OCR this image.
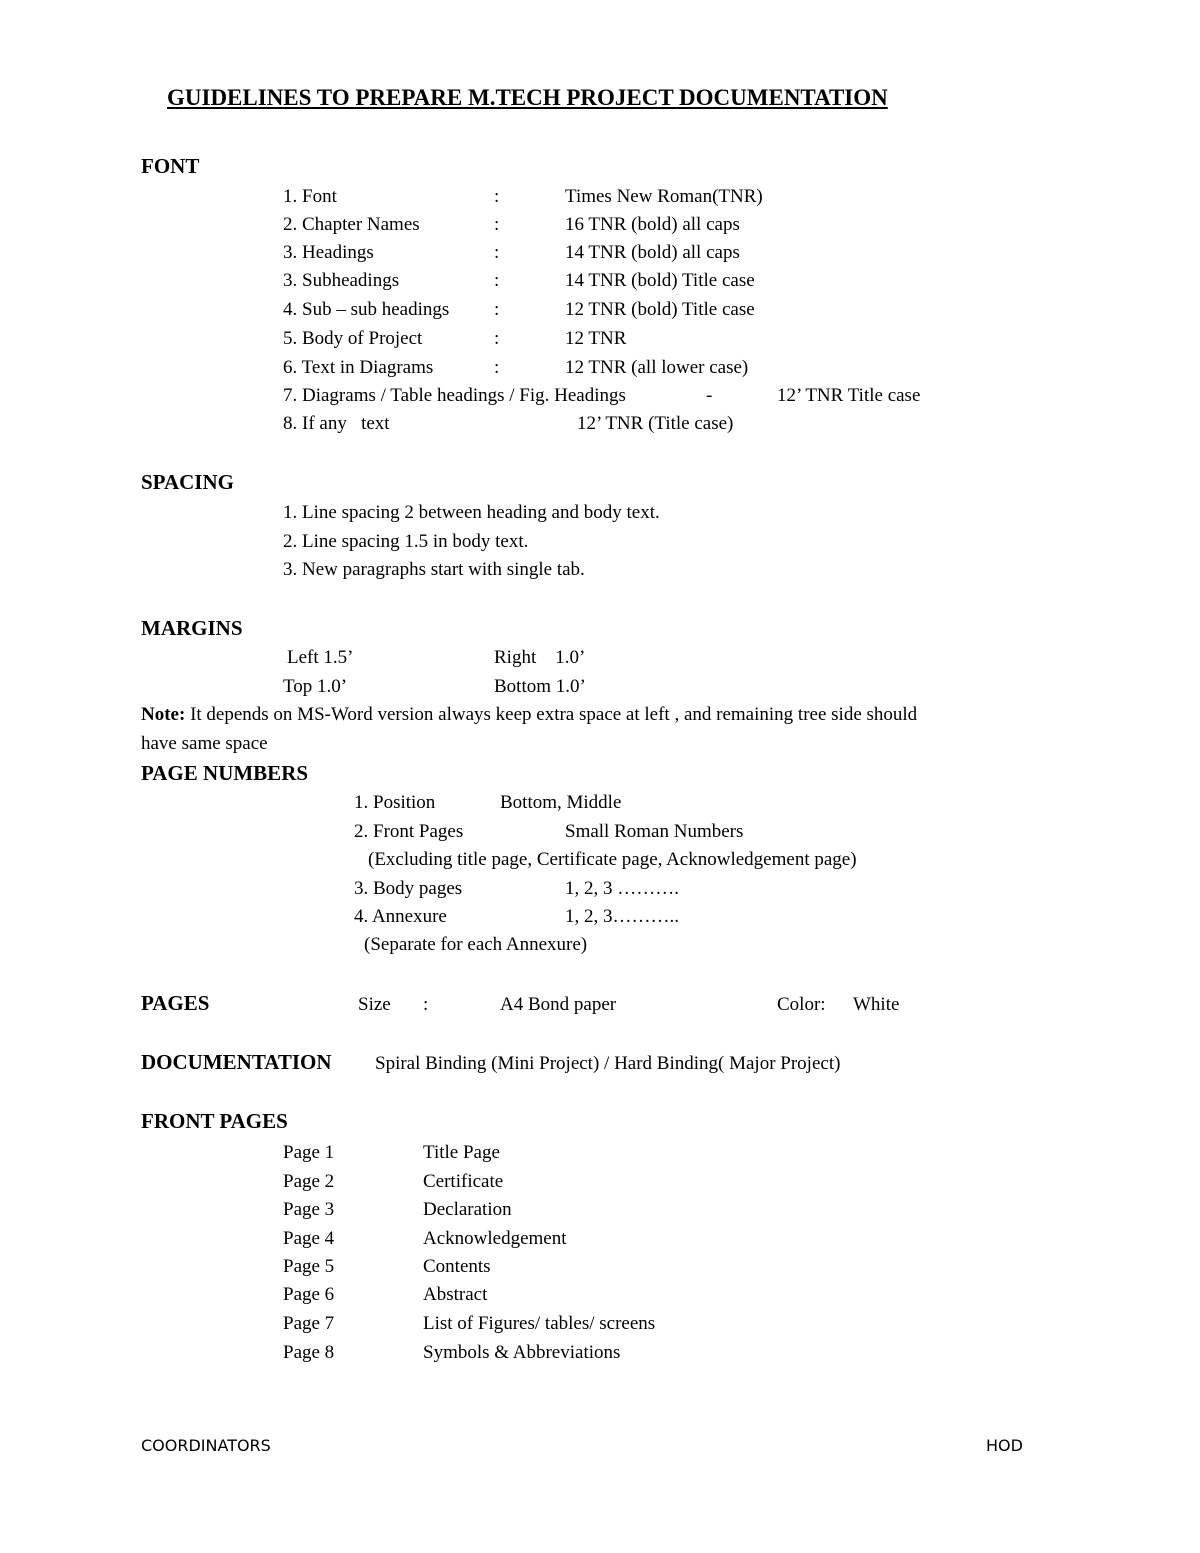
GUIDELINES TO PREPARE M.TECH PROJECT DOCUMENTATION
FONT
1. Font	:	Times New Roman(TNR)
2. Chapter Names	:	16 TNR (bold) all caps
3. Headings	:	14 TNR (bold) all caps
3. Subheadings	:	14 TNR (bold) Title case
4. Sub – sub headings :	12 TNR (bold) Title case
5. Body of Project	:	12 TNR
6. Text in Diagrams	:	12 TNR (all lower case)
7. Diagrams / Table headings / Fig. Headings	-	12’ TNR Title case
8. If any   text	12’ TNR (Title case)
SPACING
1. Line spacing 2 between heading and body text.
2. Line spacing 1.5 in body text.
3. New paragraphs start with single tab.
MARGINS
Left 1.5’	Right    1.0’
Top 1.0’	Bottom 1.0’
Note: It depends on MS-Word version always keep extra space at left , and remaining tree side should
have same space
PAGE NUMBERS
1. Position	Bottom, Middle
2. Front Pages	Small Roman Numbers
(Excluding title page, Certificate page, Acknowledgement page)
3. Body pages	1, 2, 3 ……….
4. Annexure	1, 2, 3………..
(Separate for each Annexure)
PAGES	Size :	A4 Bond paper	Color: White
DOCUMENTATION Spiral Binding (Mini Project) / Hard Binding( Major Project)
FRONT PAGES
Page 1	Title Page
Page 2	Certificate
Page 3	Declaration
Page 4	Acknowledgement
Page 5	Contents
Page 6	Abstract
Page 7	List of Figures/ tables/ screens
Page 8	Symbols & Abbreviations
COORDINATORS	HOD
